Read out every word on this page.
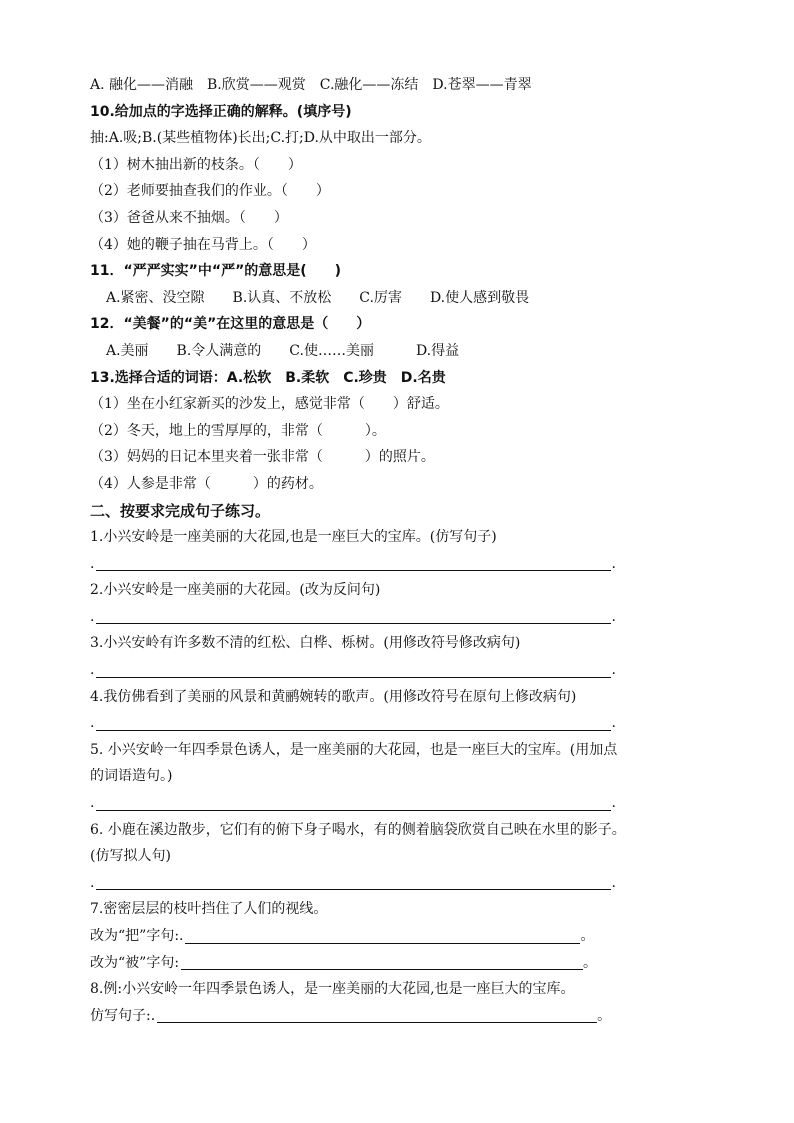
A. 融化——消融　B.欣赏——观赏　C.融化——冻结　D.苍翠——青翠
10.给加点的字选择正确的解释。(填序号)
抽:A.吸;B.(某些植物体)长出;C.打;D.从中取出一部分。
（1）树木抽出新的枝条。（　　）
（2）老师要抽查我们的作业。（　　）
（3）爸爸从来不抽烟。（　　）
（4）她的鞭子抽在马背上。（　　）
11．“严严实实”中“严”的意思是(　　)
A.紧密、没空隙　　B.认真、不放松　　C.厉害　　D.使人感到敬畏
12．“美餐”的“美”在这里的意思是（　　）
A.美丽　　B.令人满意的　　C.使……美丽　　　D.得益
13.选择合适的词语：A.松软　B.柔软　C.珍贵　D.名贵
（1）坐在小红家新买的沙发上，感觉非常（　　）舒适。
（2）冬天，地上的雪厚厚的，非常（　　　）。
（3）妈妈的日记本里夹着一张非常（　　　）的照片。
（4）人参是非常（　　　）的药材。
二、按要求完成句子练习。
1.小兴安岭是一座美丽的大花园,也是一座巨大的宝库。(仿写句子)
.	.
2.小兴安岭是一座美丽的大花园。(改为反问句)
.	.
3.小兴安岭有许多数不清的红松、白桦、栎树。(用修改符号修改病句)
.	.
4.我仿佛看到了美丽的风景和黄鹂婉转的歌声。(用修改符号在原句上修改病句)
.	.
5. 小兴安岭一年四季景色诱人，是一座美丽的大花园，也是一座巨大的宝库。(用加点
的词语造句。)
.	.
6. 小鹿在溪边散步，它们有的俯下身子喝水，有的侧着脑袋欣赏自己映在水里的影子。
(仿写拟人句)
.	.
7.密密层层的枝叶挡住了人们的视线。
改为“把”字句:.	。
改为“被”字句:	。
8.例:小兴安岭一年四季景色诱人，是一座美丽的大花园,也是一座巨大的宝库。
仿写句子:.	。
